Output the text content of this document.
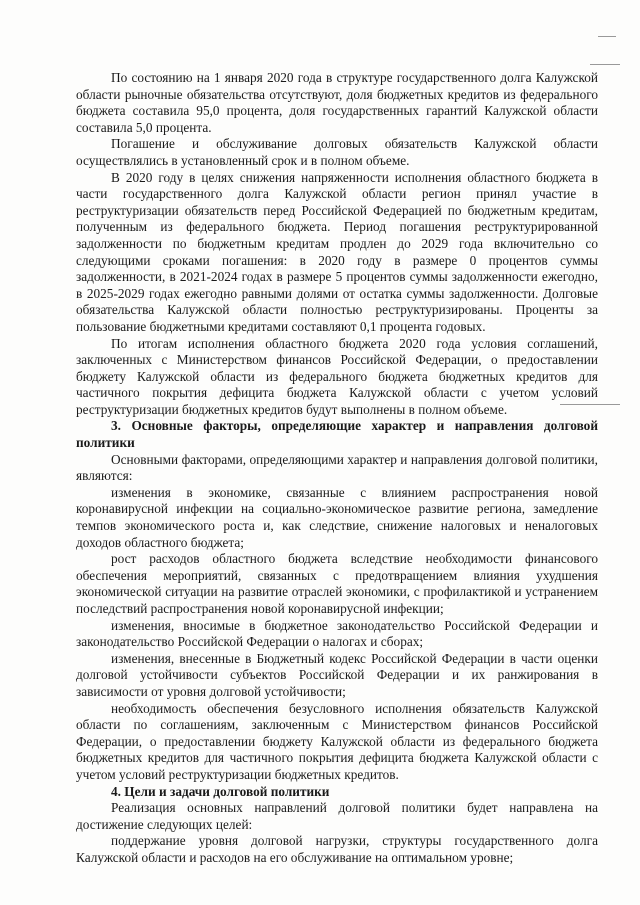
По состоянию на 1 января 2020 года в структуре государственного долга Калужской области рыночные обязательства отсутствуют, доля бюджетных кредитов из федерального бюджета составила 95,0 процента, доля государственных гарантий Калужской области составила 5,0 процента.

Погашение и обслуживание долговых обязательств Калужской области осуществлялись в установленный срок и в полном объеме.

В 2020 году в целях снижения напряженности исполнения областного бюджета в части государственного долга Калужской области регион принял участие в реструктуризации обязательств перед Российской Федерацией по бюджетным кредитам, полученным из федерального бюджета. Период погашения реструктурированной задолженности по бюджетным кредитам продлен до 2029 года включительно со следующими сроками погашения: в 2020 году в размере 0 процентов суммы задолженности, в 2021-2024 годах в размере 5 процентов суммы задолженности ежегодно, в 2025-2029 годах ежегодно равными долями от остатка суммы задолженности. Долговые обязательства Калужской области полностью реструктуризированы. Проценты за пользование бюджетными кредитами составляют 0,1 процента годовых.

По итогам исполнения областного бюджета 2020 года условия соглашений, заключенных с Министерством финансов Российской Федерации, о предоставлении бюджету Калужской области из федерального бюджета бюджетных кредитов для частичного покрытия дефицита бюджета Калужской области с учетом условий реструктуризации бюджетных кредитов будут выполнены в полном объеме.

3. Основные факторы, определяющие характер и направления долговой политики

Основными факторами, определяющими характер и направления долговой политики, являются:

изменения в экономике, связанные с влиянием распространения новой коронавирусной инфекции на социально-экономическое развитие региона, замедление темпов экономического роста и, как следствие, снижение налоговых и неналоговых доходов областного бюджета;

рост расходов областного бюджета вследствие необходимости финансового обеспечения мероприятий, связанных с предотвращением влияния ухудшения экономической ситуации на развитие отраслей экономики, с профилактикой и устранением последствий распространения новой коронавирусной инфекции;

изменения, вносимые в бюджетное законодательство Российской Федерации и законодательство Российской Федерации о налогах и сборах;

изменения, внесенные в Бюджетный кодекс Российской Федерации в части оценки долговой устойчивости субъектов Российской Федерации и их ранжирования в зависимости от уровня долговой устойчивости;

необходимость обеспечения безусловного исполнения обязательств Калужской области по соглашениям, заключенным с Министерством финансов Российской Федерации, о предоставлении бюджету Калужской области из федерального бюджета бюджетных кредитов для частичного покрытия дефицита бюджета Калужской области с учетом условий реструктуризации бюджетных кредитов.

4. Цели и задачи долговой политики

Реализация основных направлений долговой политики будет направлена на достижение следующих целей:

поддержание уровня долговой нагрузки, структуры государственного долга Калужской области и расходов на его обслуживание на оптимальном уровне;
